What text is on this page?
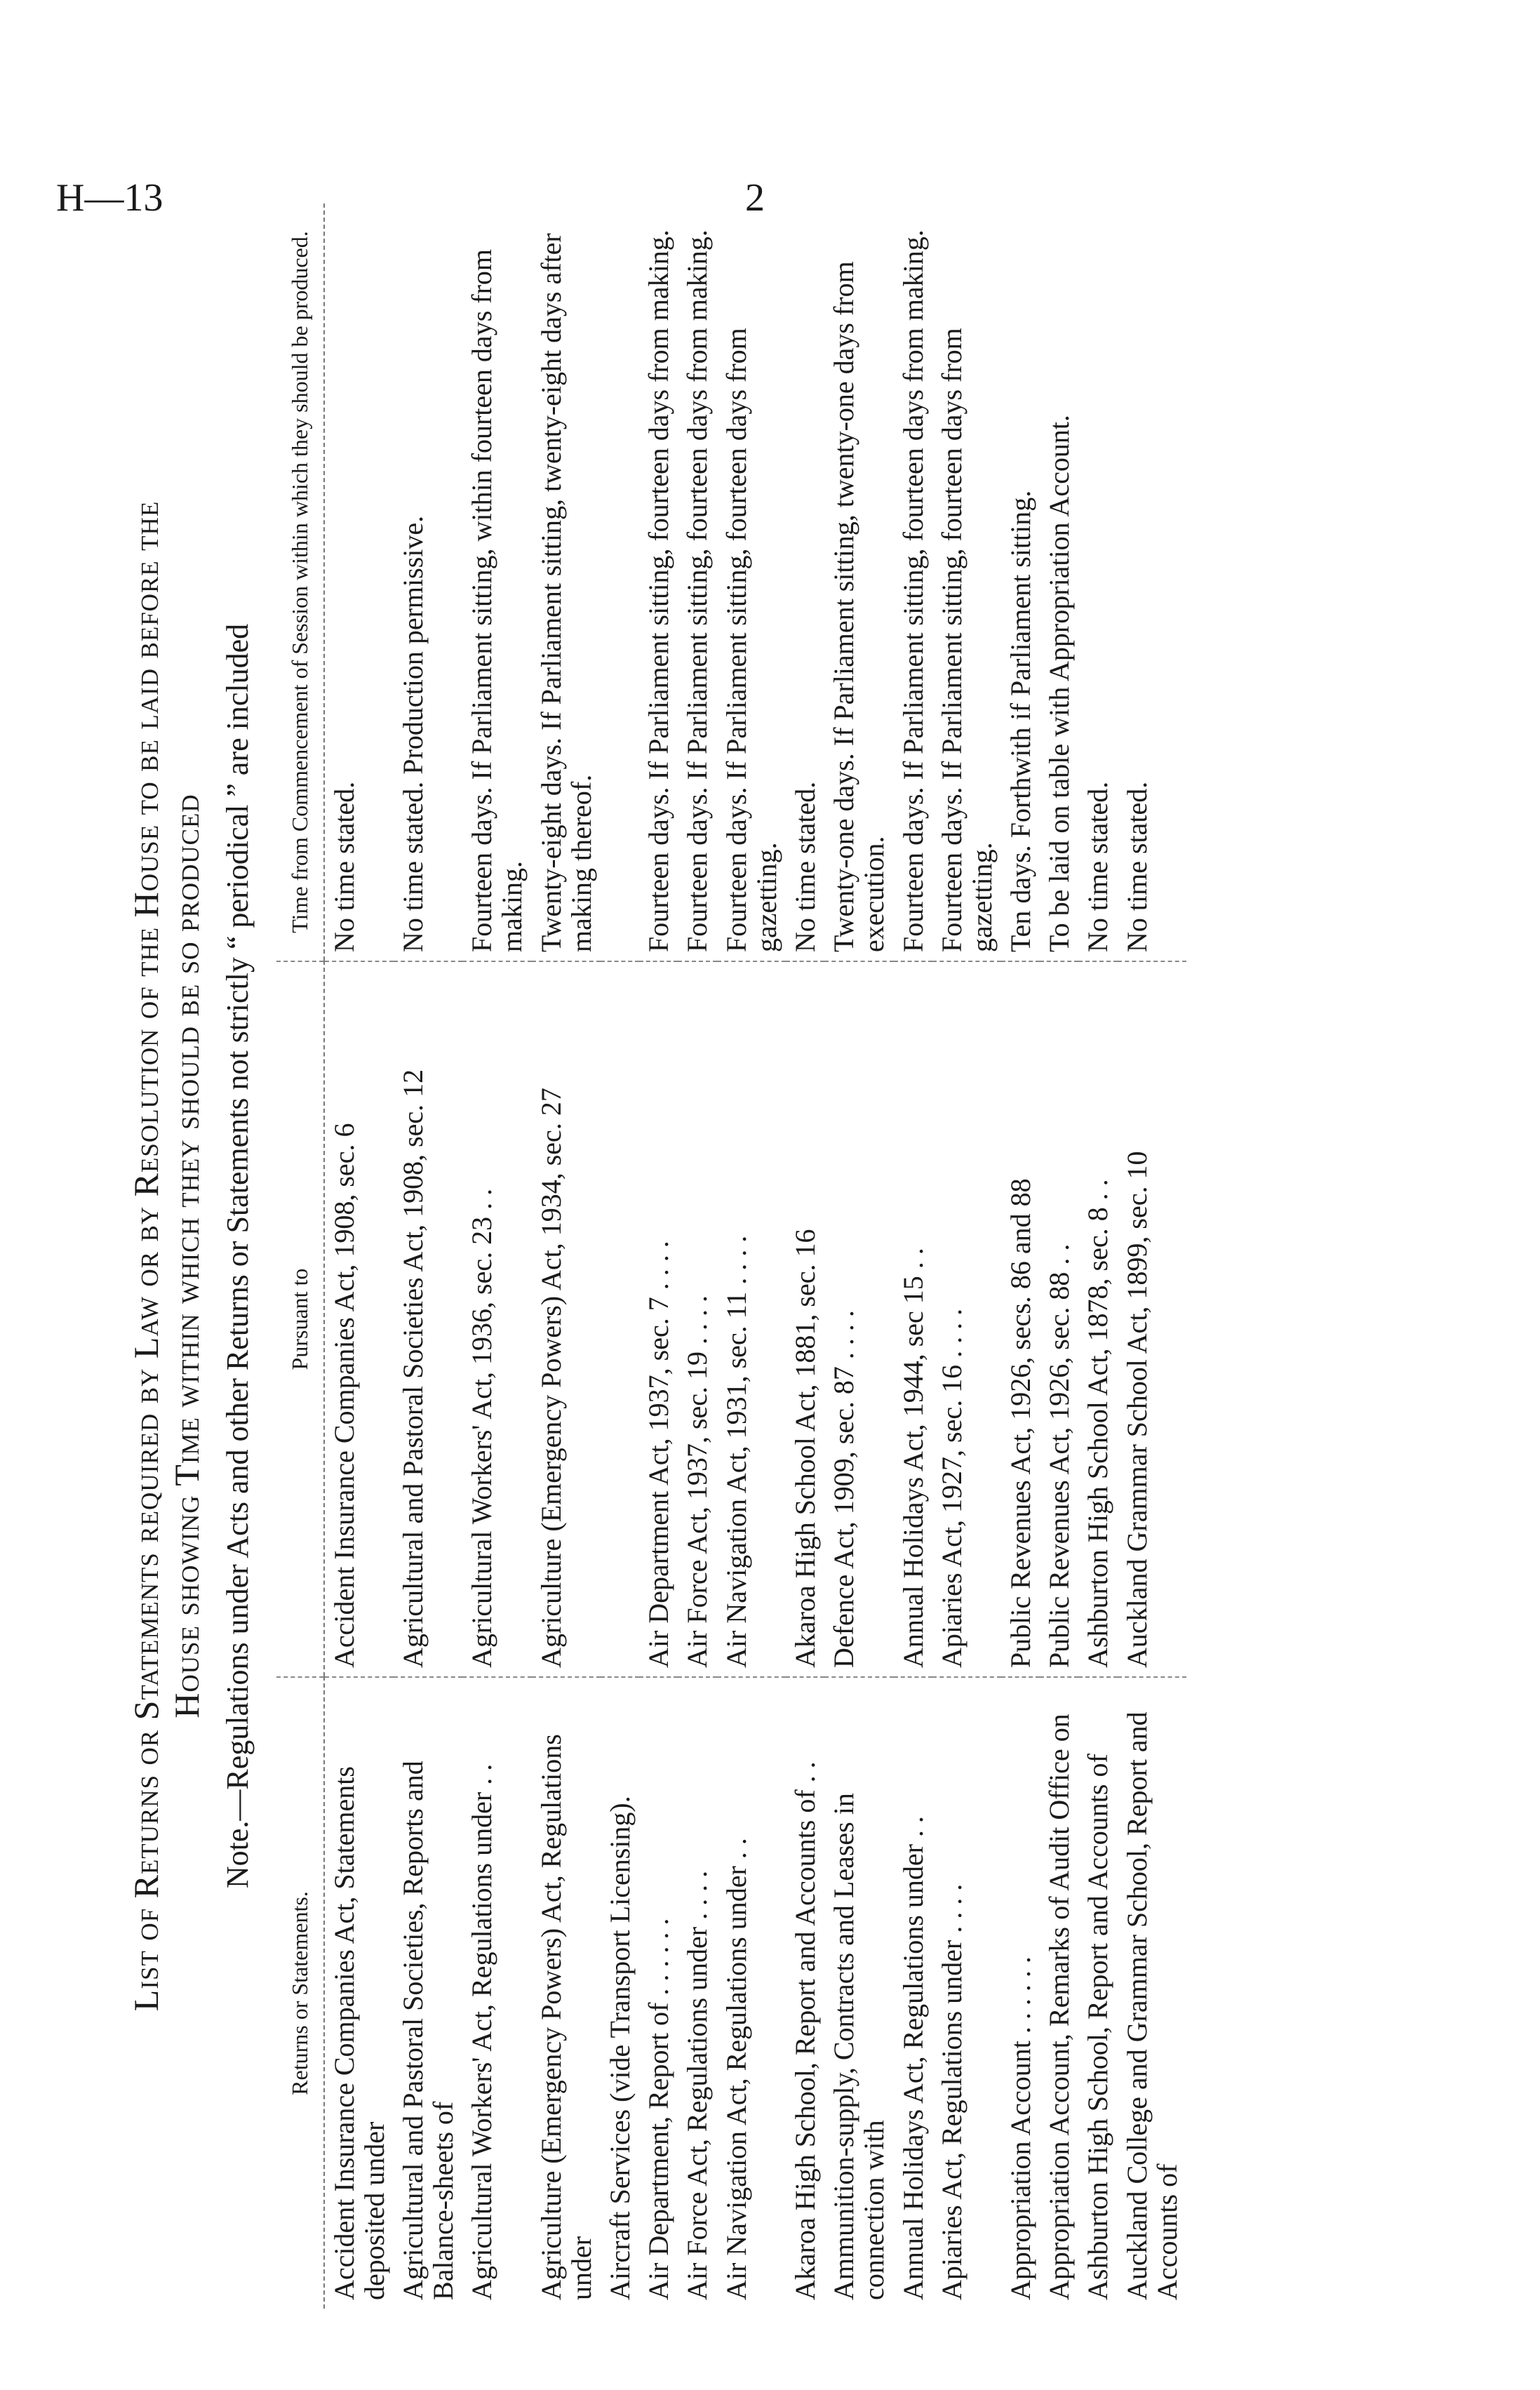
H—13	2
List of Returns or Statements required by Law or by Resolution of the House to be laid before the House showing Time within which they should be so produced Note.—Regulations under Acts and other Returns or Statements not strictly “ periodical ” are included
Returns or Statements.	Pursuant to	Time from Commencement of Session within which they should be produced.
Accident Insurance Companies Act, Statements deposited under	Accident Insurance Companies Act, 1908, sec. 6	No time stated.
Agricultural and Pastoral Societies, Reports and Balance-sheets of	Agricultural and Pastoral Societies Act, 1908, sec. 12	No time stated. Production permissive.
Agricultural Workers' Act, Regulations under . .	Agricultural Workers' Act, 1936, sec. 23 . .	Fourteen days. If Parliament sitting, within fourteen days from making.
Agriculture (Emergency Powers) Act, Regulations under	Agriculture (Emergency Powers) Act, 1934, sec. 27	Twenty-eight days. If Parliament sitting, twenty-eight days after making thereof.
Aircraft Services (vide Transport Licensing).		
Air Department, Report of . . . . . .	Air Department Act, 1937, sec. 7 . . . .	Fourteen days. If Parliament sitting, fourteen days from making.
Air Force Act, Regulations under . . . .	Air Force Act, 1937, sec. 19 . . . .	Fourteen days. If Parliament sitting, fourteen days from making.
Air Navigation Act, Regulations under . .	Air Navigation Act, 1931, sec. 11 . . . .	Fourteen days. If Parliament sitting, fourteen days from gazetting.
Akaroa High School, Report and Accounts of . .	Akaroa High School Act, 1881, sec. 16	No time stated.
Ammunition-supply, Contracts and Leases in connection with	Defence Act, 1909, sec. 87 . . . .	Twenty-one days. If Parliament sitting, twenty-one days from execution.
Annual Holidays Act, Regulations under . .	Annual Holidays Act, 1944, sec 15 . .	Fourteen days. If Parliament sitting, fourteen days from making.
Apiaries Act, Regulations under . . . .	Apiaries Act, 1927, sec. 16 . . . .	Fourteen days. If Parliament sitting, fourteen days from gazetting.
Appropriation Account . . . . . .	Public Revenues Act, 1926, secs. 86 and 88	Ten days. Forthwith if Parliament sitting.
Appropriation Account, Remarks of Audit Office on	Public Revenues Act, 1926, sec. 88 . .	To be laid on table with Appropriation Account.
Ashburton High School, Report and Accounts of	Ashburton High School Act, 1878, sec. 8 . .	No time stated.
Auckland College and Grammar School, Report and Accounts of	Auckland Grammar School Act, 1899, sec. 10	No time stated.
